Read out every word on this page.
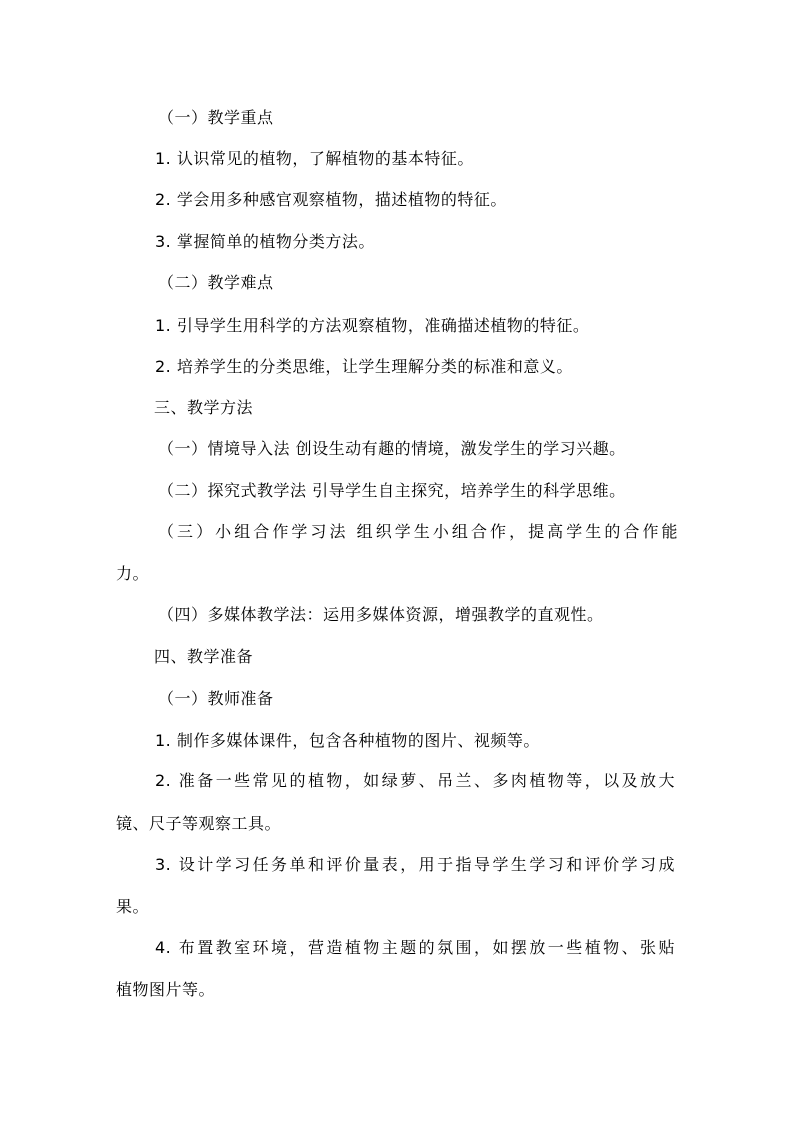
（一）教学重点
1. 认识常见的植物，了解植物的基本特征。
2. 学会用多种感官观察植物，描述植物的特征。
3. 掌握简单的植物分类方法。
（二）教学难点
1. 引导学生用科学的方法观察植物，准确描述植物的特征。
2. 培养学生的分类思维，让学生理解分类的标准和意义。
三、教学方法
（一）情境导入法 创设生动有趣的情境，激发学生的学习兴趣。
（二）探究式教学法 引导学生自主探究，培养学生的科学思维。
（三）小组合作学习法 组织学生小组合作，提高学生的合作能
力。
（四）多媒体教学法：运用多媒体资源，增强教学的直观性。
四、教学准备
（一）教师准备
1. 制作多媒体课件，包含各种植物的图片、视频等。
2. 准备一些常见的植物，如绿萝、吊兰、多肉植物等，以及放大
镜、尺子等观察工具。
3. 设计学习任务单和评价量表，用于指导学生学习和评价学习成
果。
4. 布置教室环境，营造植物主题的氛围，如摆放一些植物、张贴
植物图片等。
